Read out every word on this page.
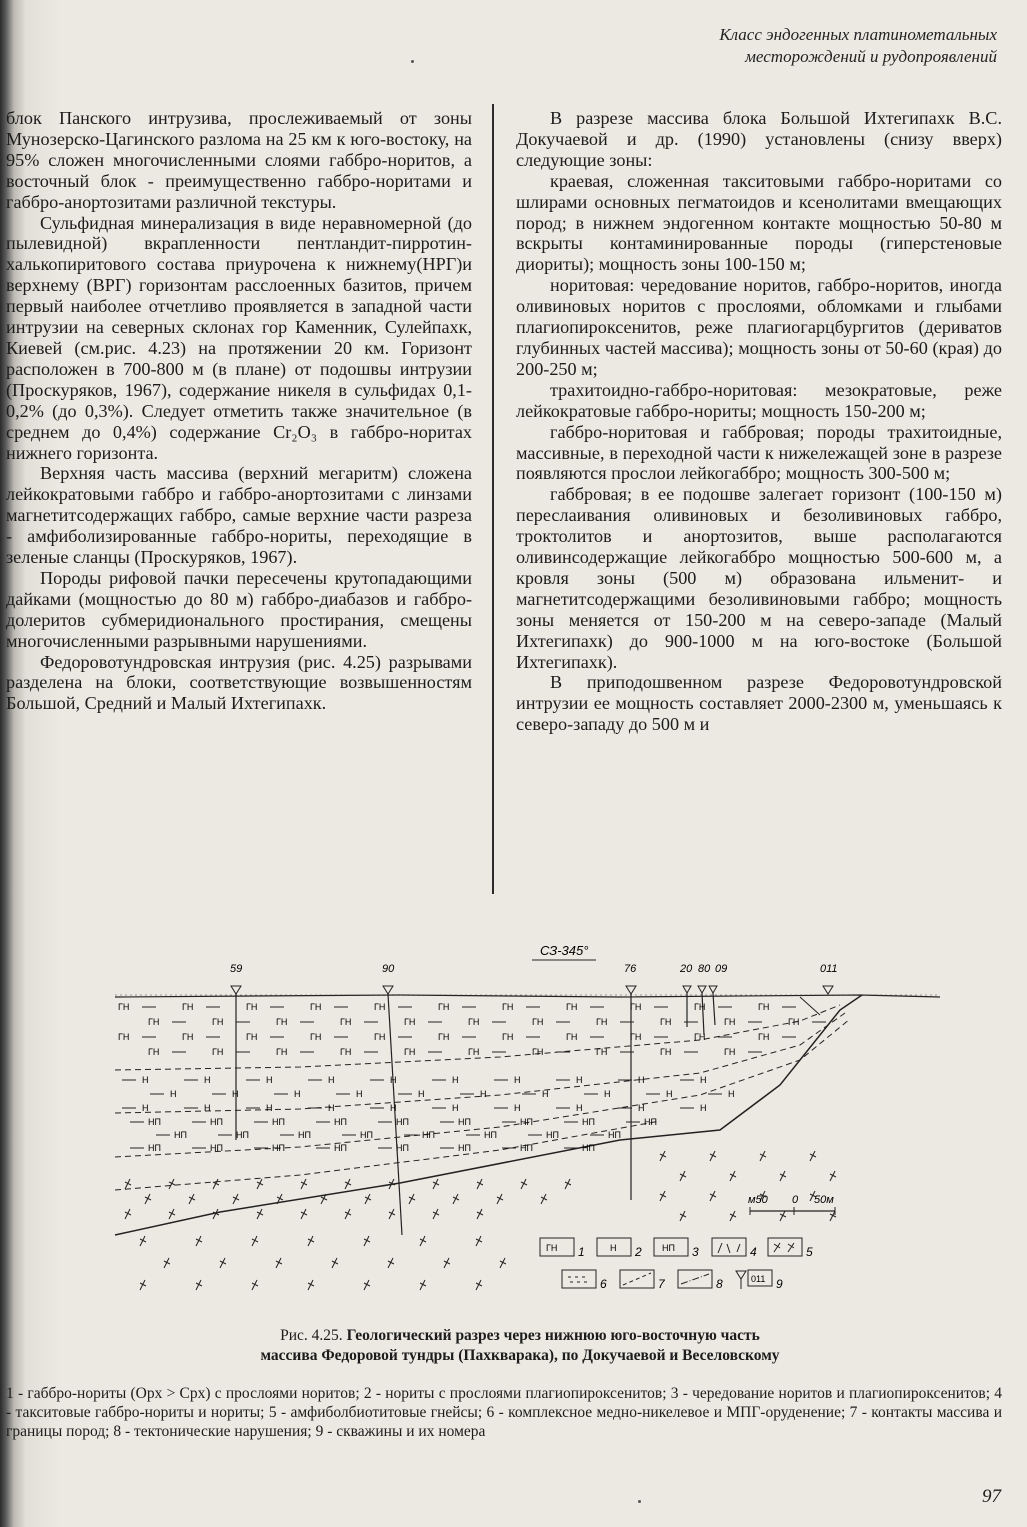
Класс эндогенных платинометальных
месторождений и рудопроявлений

блок Панского интрузива, прослеживаемый от зоны Мунозерско-Цагинского разлома на 25 км к юго-востоку, на 95% сложен многочисленными слоями габбро-норитов, а восточный блок - преимущественно габбро-норитами и габбро-анортозитами различной текстуры.

Сульфидная минерализация в виде неравномерной (до пылевидной) вкрапленности пентландит-пирротин-халькопиритового состава приурочена к нижнему(НРГ)и верхнему (ВРГ) горизонтам расслоенных базитов, причем первый наиболее отчетливо проявляется в западной части интрузии на северных склонах гор Каменник, Сулейпахк, Киевей (см.рис. 4.23) на протяжении 20 км. Горизонт расположен в 700-800 м (в плане) от подошвы интрузии (Проскуряков, 1967), содержание никеля в сульфидах 0,1-0,2% (до 0,3%). Следует отметить также значительное (в среднем до 0,4%) содержание Cr₂O₃ в габбро-норитах нижнего горизонта.

Верхняя часть массива (верхний мегаритм) сложена лейкократовыми габбро и габбро-анортозитами с линзами магнетитсодержащих габбро, самые верхние части разреза - амфиболизированные габбро-нориты, переходящие в зеленые сланцы (Проскуряков, 1967).

Породы рифовой пачки пересечены крутопадающими дайками (мощностью до 80 м) габбро-диабазов и габбро-долеритов субмеридионального простирания, смещены многочисленными разрывными нарушениями.

Федоровотундровская интрузия (рис. 4.25) разрывами разделена на блоки, соответствующие возвышенностям Большой, Средний и Малый Ихтегипахк.

В разрезе массива блока Большой Ихтегипахк В.С. Докучаевой и др. (1990) установлены (снизу вверх) следующие зоны:

краевая, сложенная такситовыми габбро-норитами со шлирами основных пегматоидов и ксенолитами вмещающих пород; в нижнем эндогенном контакте мощностью 50-80 м вскрыты контаминированные породы (гиперстеновые диориты); мощность зоны 100-150 м;

норитовая: чередование норитов, габбро-норитов, иногда оливиновых норитов с прослоями, обломками и глыбами плагиопироксенитов, реже плагиогарцбургитов (дериватов глубинных частей массива); мощность зоны от 50-60 (края) до 200-250 м;

трахитоидно-габбро-норитовая: мезократовые, реже лейкократовые габбро-нориты; мощность 150-200 м;

габбро-норитовая и габбровая; породы трахитоидные, массивные, в переходной части к нижележащей зоне в разрезе появляются прослои лейкогаббро; мощность 300-500 м;

габбровая; в ее подошве залегает горизонт (100-150 м) переслаивания оливиновых и безоливиновых габбро, троктолитов и анортозитов, выше располагаются оливинсодержащие лейкогаббро мощностью 500-600 м, а кровля зоны (500 м) образована ильменит- и магнетитсодержащими безоливиновыми габбро; мощность зоны меняется от 150-200 м на северо-западе (Малый Ихтегипахк) до 900-1000 м на юго-востоке (Большой Ихтегипахк).

В приподошвенном разрезе Федоровотундровской интрузии ее мощность составляет 2000-2300 м, уменьшаясь к северо-западу до 500 м и

СЗ-345°
59	90	76	20 80 09	011
ГН	ГН	ГН	ГН	ГН	ГН	ГН	ГН	ГН	ГН	ГН
ГН	ГН	ГН	ГН	ГН	ГН	ГН	ГН	ГН	ГН	ГН
ГН	ГН	ГН	ГН	ГН	ГН	ГН	ГН	ГН	ГН	ГН
ГН	ГН	ГН	ГН	ГН	ГН	ГН	ГН	ГН	ГН
Н	Н	Н	Н	Н	Н	Н	Н	Н	Н
Н	Н	Н	Н	Н	Н	Н	Н	Н	Н
Н	Н	Н	Н	Н	Н	Н	Н	Н	Н
НП	НП	НП	НП	НП	НП	НП	НП	НП
НП	НП	НП	НП	НП	НП	НП	НП
НП	НП	НП	НП	НП	НП	НП	НП
м50 0 50м
ГН 1	Н 2 НП 3	4	5
6	7	8	011 9
Рис. 4.25. Геологический разрез через нижнюю юго-восточную часть
массива Федоровой тундры (Пахкварака), по Докучаевой и Веселовскому
1 - габбро-нориты (Opx > Cpx) с прослоями норитов; 2 - нориты с прослоями плагиопироксенитов; 3 - чередование норитов и плагиопироксенитов; 4 - такситовые габбро-нориты и нориты; 5 - амфиболбиотитовые гнейсы; 6 - комплексное медно-никелевое и МПГ-оруденение; 7 - контакты массива и границы пород; 8 - тектонические нарушения; 9 - скважины и их номера
97
